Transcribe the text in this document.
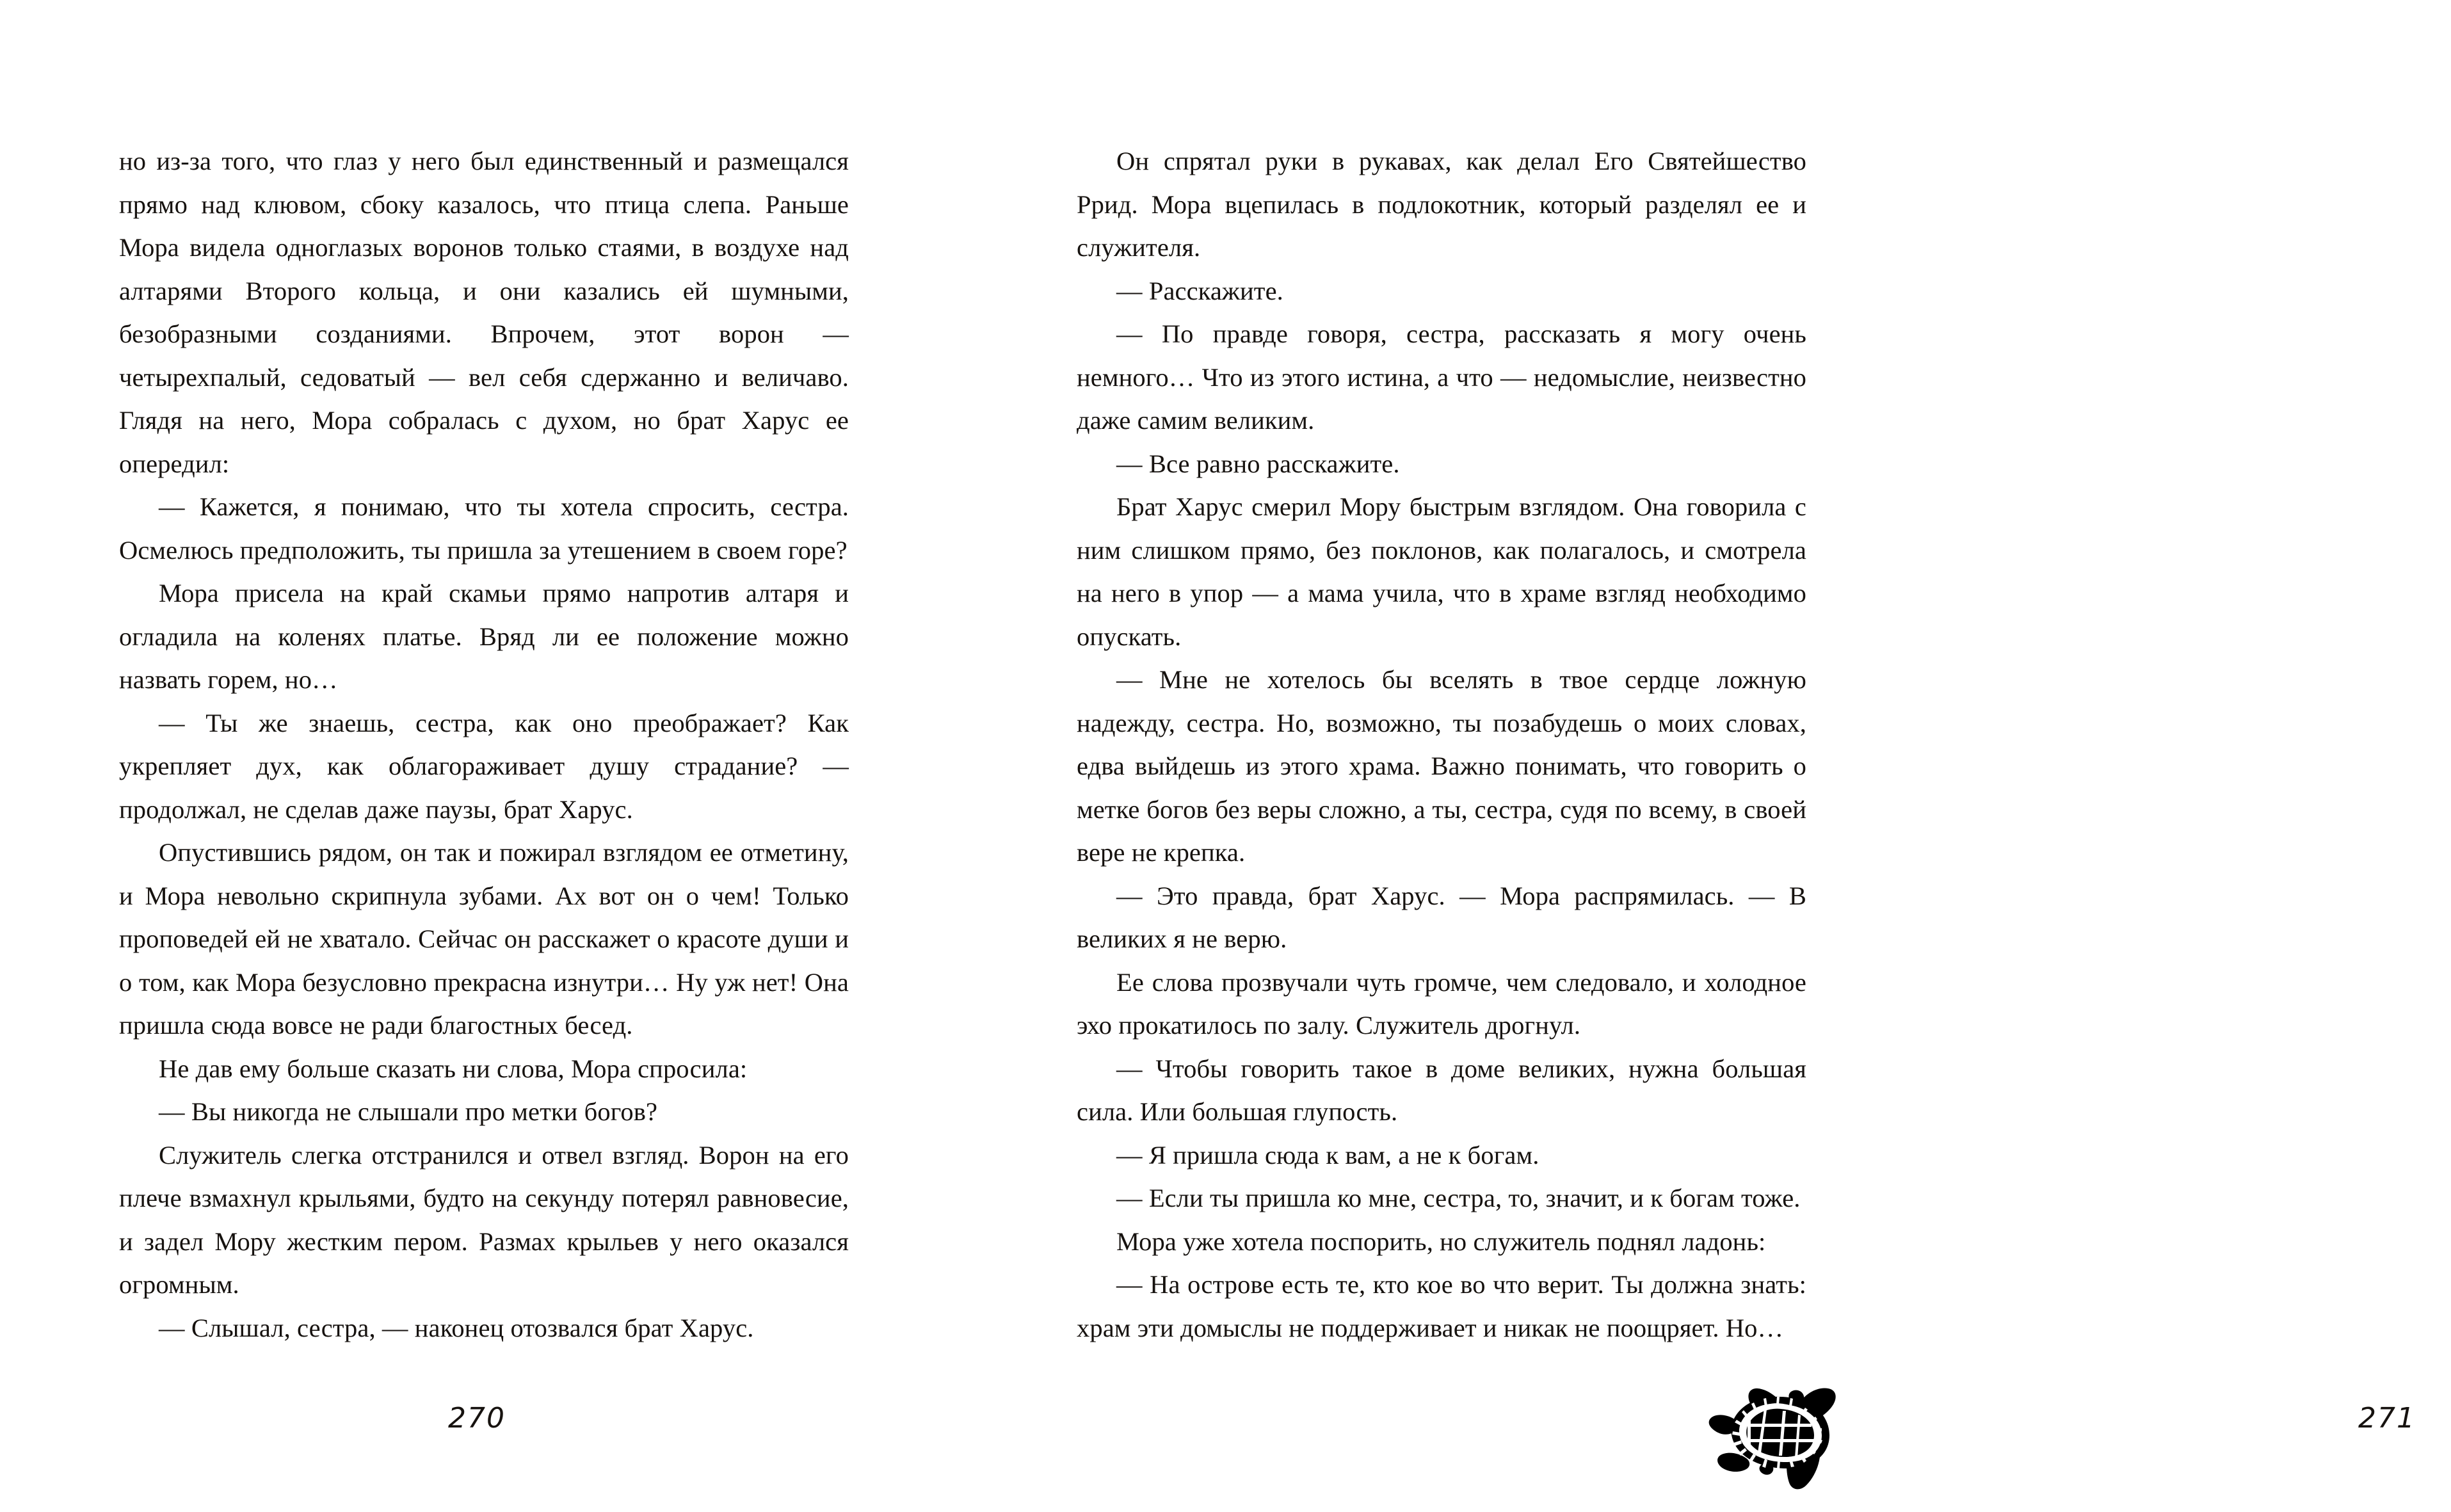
но из-за того, что глаз у него был единственный и размещался прямо над клювом, сбоку казалось, что птица слепа. Раньше Мора видела одноглазых воронов только стаями, в воздухе над алтарями Второго кольца, и они казались ей шумными, безобразными созданиями. Впрочем, этот ворон — четырехпалый, седоватый — вел себя сдержанно и величаво. Глядя на него, Мора собралась с духом, но брат Харус ее опередил:

— Кажется, я понимаю, что ты хотела спросить, сестра. Осмелюсь предположить, ты пришла за утешением в своем горе?

Мора присела на край скамьи прямо напротив алтаря и огладила на коленях платье. Вряд ли ее положение можно назвать горем, но…

— Ты же знаешь, сестра, как оно преображает? Как укрепляет дух, как облагораживает душу страдание? — продолжал, не сделав даже паузы, брат Харус.

Опустившись рядом, он так и пожирал взглядом ее отметину, и Мора невольно скрипнула зубами. Ах вот он о чем! Только проповедей ей не хватало. Сейчас он расскажет о красоте души и о том, как Мора безусловно прекрасна изнутри… Ну уж нет! Она пришла сюда вовсе не ради благостных бесед.

Не дав ему больше сказать ни слова, Мора спросила:

— Вы никогда не слышали про метки богов?

Служитель слегка отстранился и отвел взгляд. Ворон на его плече взмахнул крыльями, будто на секунду потерял равновесие, и задел Мору жестким пером. Размах крыльев у него оказался огромным.

— Слышал, сестра, — наконец отозвался брат Харус.

270

Он спрятал руки в рукавах, как делал Его Святейшество Ррид. Мора вцепилась в подлокотник, который разделял ее и служителя.

— Расскажите.

— По правде говоря, сестра, рассказать я могу очень немного… Что из этого истина, а что — недомыслие, неизвестно даже самим великим.

— Все равно расскажите.

Брат Харус смерил Мору быстрым взглядом. Она говорила с ним слишком прямо, без поклонов, как полагалось, и смотрела на него в упор — а мама учила, что в храме взгляд необходимо опускать.

— Мне не хотелось бы вселять в твое сердце ложную надежду, сестра. Но, возможно, ты позабудешь о моих словах, едва выйдешь из этого храма. Важно понимать, что говорить о метке богов без веры сложно, а ты, сестра, судя по всему, в своей вере не крепка.

— Это правда, брат Харус. — Мора распрямилась. — В великих я не верю.

Ее слова прозвучали чуть громче, чем следовало, и холодное эхо прокатилось по залу. Служитель дрогнул.

— Чтобы говорить такое в доме великих, нужна большая сила. Или большая глупость.

— Я пришла сюда к вам, а не к богам.

— Если ты пришла ко мне, сестра, то, значит, и к богам тоже.

Мора уже хотела поспорить, но служитель поднял ладонь:

— На острове есть те, кто кое во что верит. Ты должна знать: храм эти домыслы не поддерживает и никак не поощряет. Но…

271
